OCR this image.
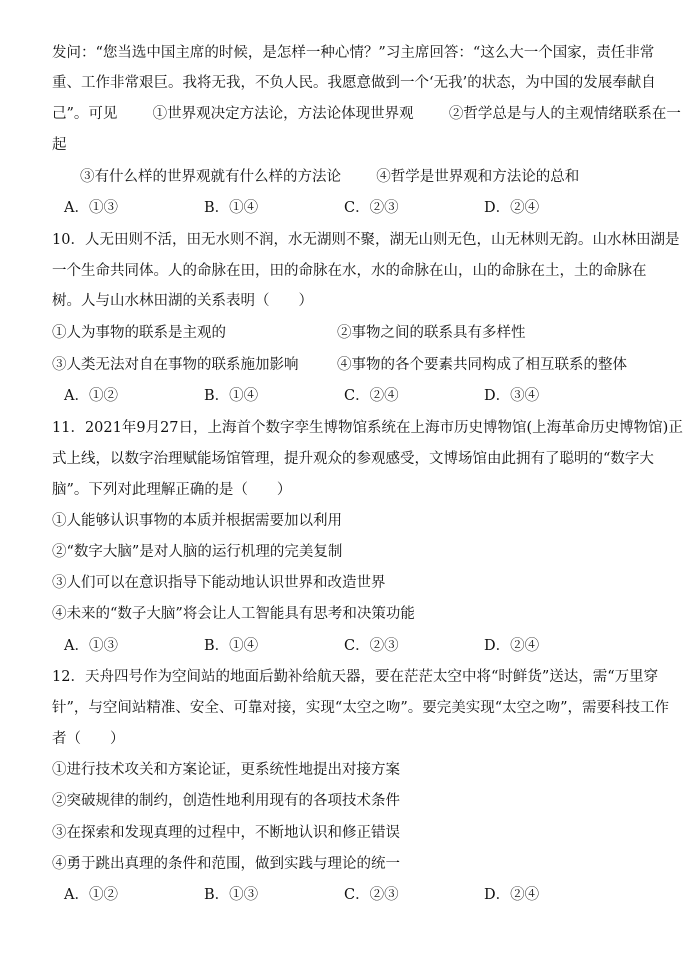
发问：“您当选中国主席的时候，是怎样一种心情？”习主席回答：“这么大一个国家，责任非常
重、工作非常艰巨。我将无我，不负人民。我愿意做到一个‘无我’的状态，为中国的发展奉献自
己”。可见 ①世界观决定方法论，方法论体现世界观 ②哲学总是与人的主观情绪联系在一
起
③有什么样的世界观就有什么样的方法论 ④哲学是世界观和方法论的总和
A．①③	B．①④	C．②③	D．②④
10．人无田则不活，田无水则不润，水无湖则不聚，湖无山则无色，山无林则无韵。山水林田湖是
一个生命共同体。人的命脉在田，田的命脉在水，水的命脉在山，山的命脉在土，土的命脉在
树。人与山水林田湖的关系表明（　　）
①人为事物的联系是主观的	②事物之间的联系具有多样性
③人类无法对自在事物的联系施加影响	④事物的各个要素共同构成了相互联系的整体
A．①②	B．①④	C．②④	D．③④
11．2021年9月27日，上海首个数字孪生博物馆系统在上海市历史博物馆(上海革命历史博物馆)正
式上线，以数字治理赋能场馆管理，提升观众的参观感受，文博场馆由此拥有了聪明的“数字大
脑”。下列对此理解正确的是（　　）
①人能够认识事物的本质并根据需要加以利用
②“数字大脑”是对人脑的运行机理的完美复制
③人们可以在意识指导下能动地认识世界和改造世界
④未来的“数子大脑”将会让人工智能具有思考和决策功能
A．①③	B．①④	C．②③	D．②④
12．天舟四号作为空间站的地面后勤补给航天器，要在茫茫太空中将“时鲜货”送达，需“万里穿
针”，与空间站精准、安全、可靠对接，实现“太空之吻”。要完美实现“太空之吻”，需要科技工作
者（　　）
①进行技术攻关和方案论证，更系统性地提出对接方案
②突破规律的制约，创造性地利用现有的各项技术条件
③在探索和发现真理的过程中，不断地认识和修正错误
④勇于跳出真理的条件和范围，做到实践与理论的统一
A．①②	B．①③	C．②③	D．②④
